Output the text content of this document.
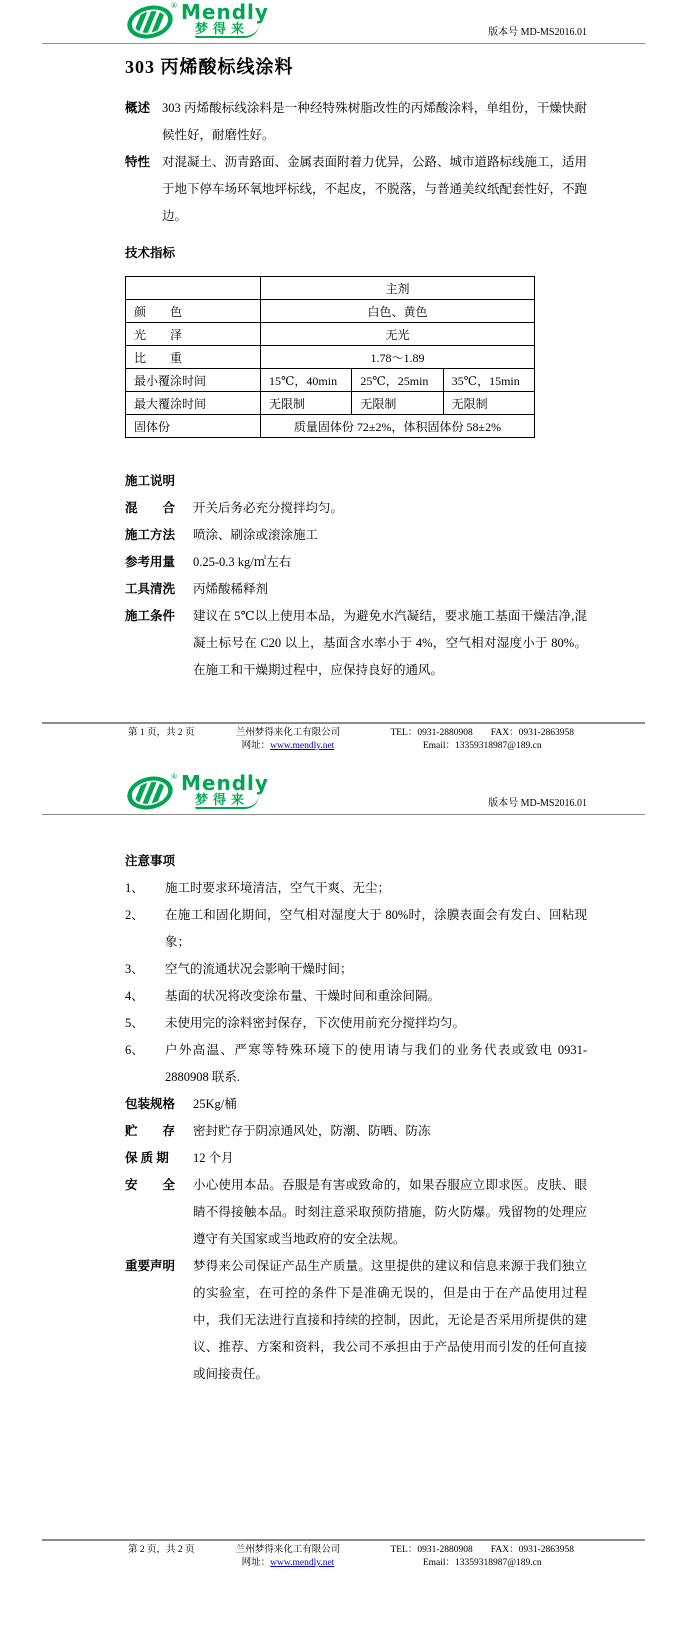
® Mendly
梦得来	版本号 MD-MS2016.01
303 丙烯酸标线涂料
概述 303 丙烯酸标线涂料是一种经特殊树脂改性的丙烯酸涂料，单组份，干燥快耐候性好，耐磨性好。

特性 对混凝土、沥青路面、金属表面附着力优异，公路、城市道路标线施工，适用于地下停车场环氧地坪标线，不起皮，不脱落，与普通美纹纸配套性好，不跑边。

技术指标
	主剂		
颜　　色	白色、黄色		
光　　泽	无光		
比　　重	1.78～1.89		
最小覆涂时间	15℃，40min	25℃，25min	35℃，15min
最大覆涂时间	无限制	无限制	无限制
固体份	质量固体份 72±2%，体积固体份 58±2%		
施工说明
混　　合	开关后务必充分搅拌均匀。

施工方法	喷涂、刷涂或滚涂施工

参考用量	0.25-0.3 kg/㎡左右

工具清洗	丙烯酸稀释剂

施工条件	建议在 5℃以上使用本品，为避免水汽凝结，要求施工基面干燥洁净,混凝土标号在 C20 以上，基面含水率小于 4%，空气相对湿度小于 80%。在施工和干燥期过程中，应保持良好的通风。

第 1 页，共 2 页	兰州梦得来化工有限公司
网址：www.mendly.net
TEL：0931-2880908 FAX：0931-2863958
Email：13359318987@189.cn
® Mendly
梦得来	版本号 MD-MS2016.01
注意事项
1、	施工时要求环境清洁，空气干爽、无尘；

2、	在施工和固化期间，空气相对湿度大于 80%时，涂膜表面会有发白、回粘现象；

3、	空气的流通状况会影响干燥时间；

4、	基面的状况将改变涂布量、干燥时间和重涂间隔。

5、	未使用完的涂料密封保存，下次使用前充分搅拌均匀。

6、	户外高温、严寒等特殊环境下的使用请与我们的业务代表或致电 0931-2880908 联系.

包装规格	25Kg/桶

贮　　存	密封贮存于阴凉通风处，防潮、防晒、防冻

保 质 期	12 个月

安　　全	小心使用本品。吞服是有害或致命的，如果吞服应立即求医。皮肤、眼睛不得接触本品。时刻注意采取预防措施，防火防爆。残留物的处理应遵守有关国家或当地政府的安全法规。

重要声明	梦得来公司保证产品生产质量。这里提供的建议和信息来源于我们独立的实验室，在可控的条件下是准确无误的，但是由于在产品使用过程中，我们无法进行直接和持续的控制，因此，无论是否采用所提供的建议、推荐、方案和资料，我公司不承担由于产品使用而引发的任何直接或间接责任。

第 2 页，共 2 页	兰州梦得来化工有限公司
网址：www.mendly.net
TEL：0931-2880908 FAX：0931-2863958
Email：13359318987@189.cn
